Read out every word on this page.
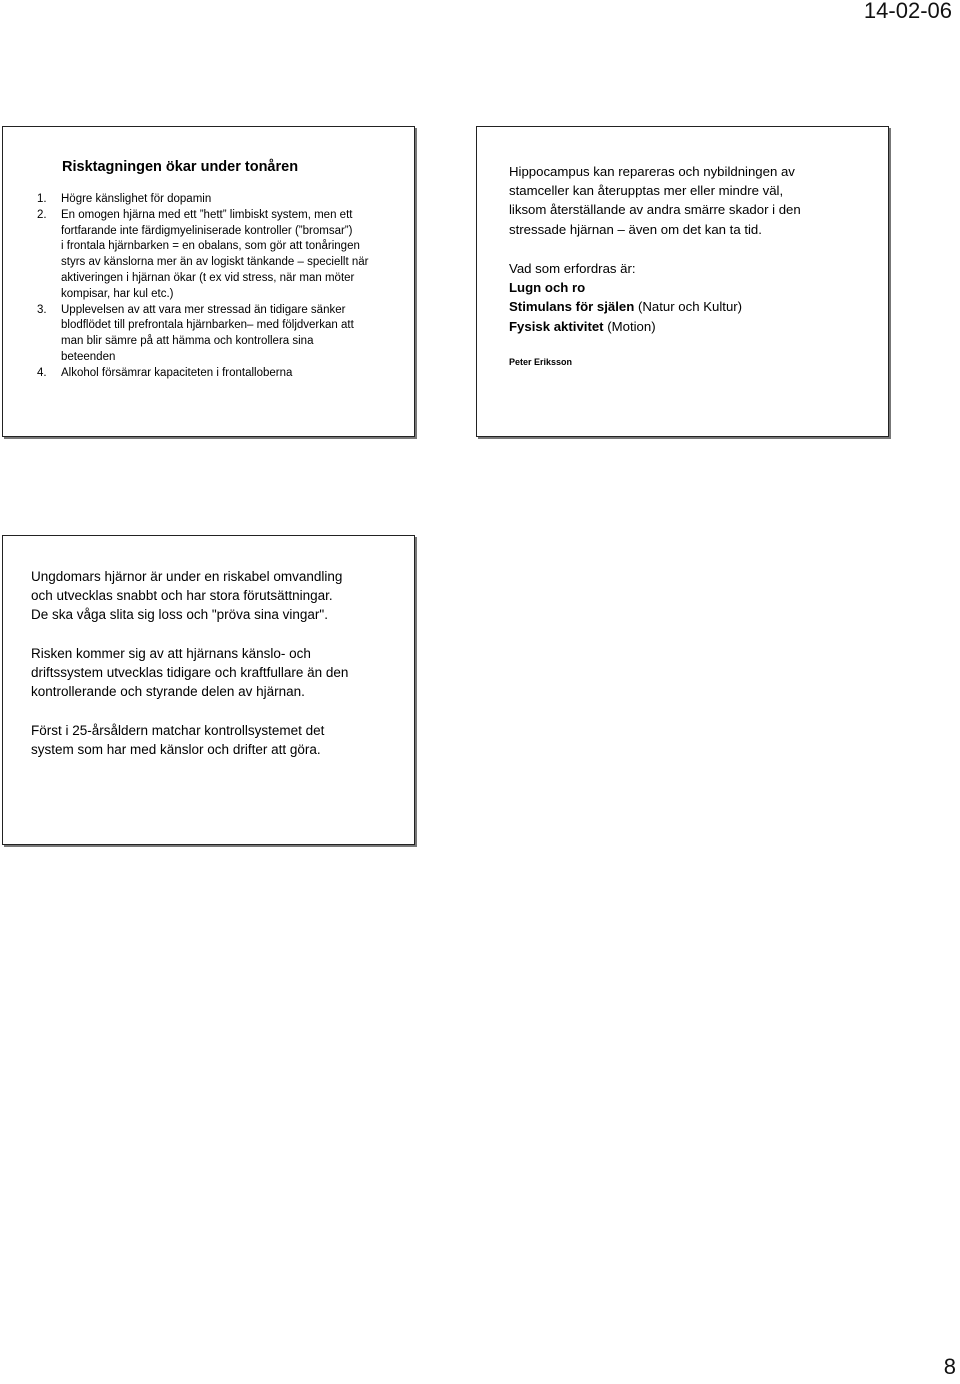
14-02-06
Risktagningen ökar under tonåren
1. Högre känslighet för dopamin
2. En omogen hjärna med ett ”hett” limbiskt system, men ett
fortfarande inte färdigmyeliniserade kontroller (”bromsar”)
i frontala hjärnbarken = en obalans, som gör att tonåringen
styrs av känslorna mer än av logiskt tänkande – speciellt när
aktiveringen i hjärnan ökar (t ex vid stress, när man möter
kompisar, har kul etc.)
3. Upplevelsen av att vara mer stressad än tidigare sänker
blodflödet till prefrontala hjärnbarken– med följdverkan att
man blir sämre på att hämma och kontrollera sina
beteenden
4. Alkohol försämrar kapaciteten i frontalloberna
Hippocampus kan repareras och nybildningen av
stamceller kan återupptas mer eller mindre väl,
liksom återställande av andra smärre skador i den
stressade hjärnan – även om det kan ta tid.
Vad som erfordras är:
Lugn och ro
Stimulans för själen (Natur och Kultur)
Fysisk aktivitet (Motion)
Peter Eriksson
Ungdomars hjärnor är under en riskabel omvandling
och utvecklas snabbt och har stora förutsättningar.
De ska våga slita sig loss och "pröva sina vingar".
Risken kommer sig av att hjärnans känslo- och
driftssystem utvecklas tidigare och kraftfullare än den
kontrollerande och styrande delen av hjärnan.
Först i 25-årsåldern matchar kontrollsystemet det
system som har med känslor och drifter att göra.
8
